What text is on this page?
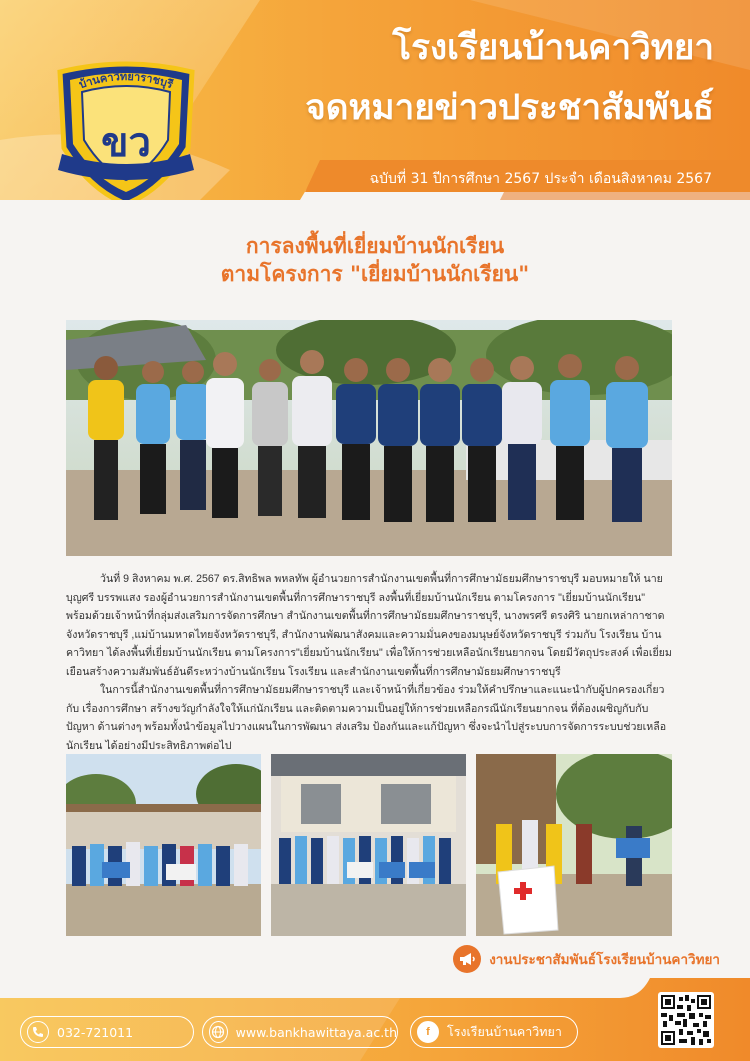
บ้านคาวิทยาราชบุรี
ขว
โรงเรียนบ้านคาวิทยา
จดหมายข่าวประชาสัมพันธ์
ฉบับที่ 31 ปีการศึกษา 2567 ประจำ เดือนสิงหาคม 2567
การลงพื้นที่เยี่ยมบ้านนักเรียน
ตามโครงการ "เยี่ยมบ้านนักเรียน"

วันที่ 9 สิงหาคม พ.ศ. 2567 ดร.สิทธิพล พหลทัพ ผู้อำนวยการสำนักงานเขตพื้นที่การศึกษามัธยมศึกษาราชบุรี มอบหมายให้ นายบุญศรี บรรพแสง รองผู้อำนวยการสำนักงานเขตพื้นที่การศึกษาราชบุรี ลงพื้นที่เยี่ยมบ้านนักเรียน ตามโครงการ "เยี่ยมบ้านนักเรียน" พร้อมด้วยเจ้าหน้าที่กลุ่มส่งเสริมการจัดการศึกษา สำนักงานเขตพื้นที่การศึกษามัธยมศึกษาราชบุรี, นางพรศรี ตรงศิริ นายกเหล่ากาชาด จังหวัดราชบุรี ,แม่บ้านมหาดไทยจังหวัดราชบุรี, สำนักงานพัฒนาสังคมและความมั่นคงของมนุษย์จังหวัดราชบุรี ร่วมกับ โรงเรียน บ้านคาวิทยา ได้ลงพื้นที่เยี่ยมบ้านนักเรียน ตามโครงการ"เยี่ยมบ้านนักเรียน" เพื่อให้การช่วยเหลือนักเรียนยากจน โดยมีวัตถุประสงค์ เพื่อเยี่ยมเยือนสร้างความสัมพันธ์อันดีระหว่างบ้านนักเรียน โรงเรียน และสำนักงานเขตพื้นที่การศึกษามัธยมศึกษาราชบุรี

ในการนี้สำนักงานเขตพื้นที่การศึกษามัธยมศึกษาราชบุรี และเจ้าหน้าที่เกี่ยวข้อง ร่วมให้คำปรึกษาและแนะนำกับผู้ปกครองเกี่ยวกับ เรื่องการศึกษา สร้างขวัญกำลังใจให้แก่นักเรียน และติดตามความเป็นอยู่ให้การช่วยเหลือกรณีนักเรียนยากจน ที่ต้องเผชิญกับกับปัญหา ด้านต่างๆ พร้อมทั้งนำข้อมูลไปวางแผนในการพัฒนา ส่งเสริม ป้องกันและแก้ปัญหา ซึ่งจะนำไปสู่ระบบการจัดการระบบช่วยเหลือนักเรียน ได้อย่างมีประสิทธิภาพต่อไป

งานประชาสัมพันธ์โรงเรียนบ้านคาวิทยา
032-721011	www.bankhawittaya.ac.th	f	โรงเรียนบ้านคาวิทยา
